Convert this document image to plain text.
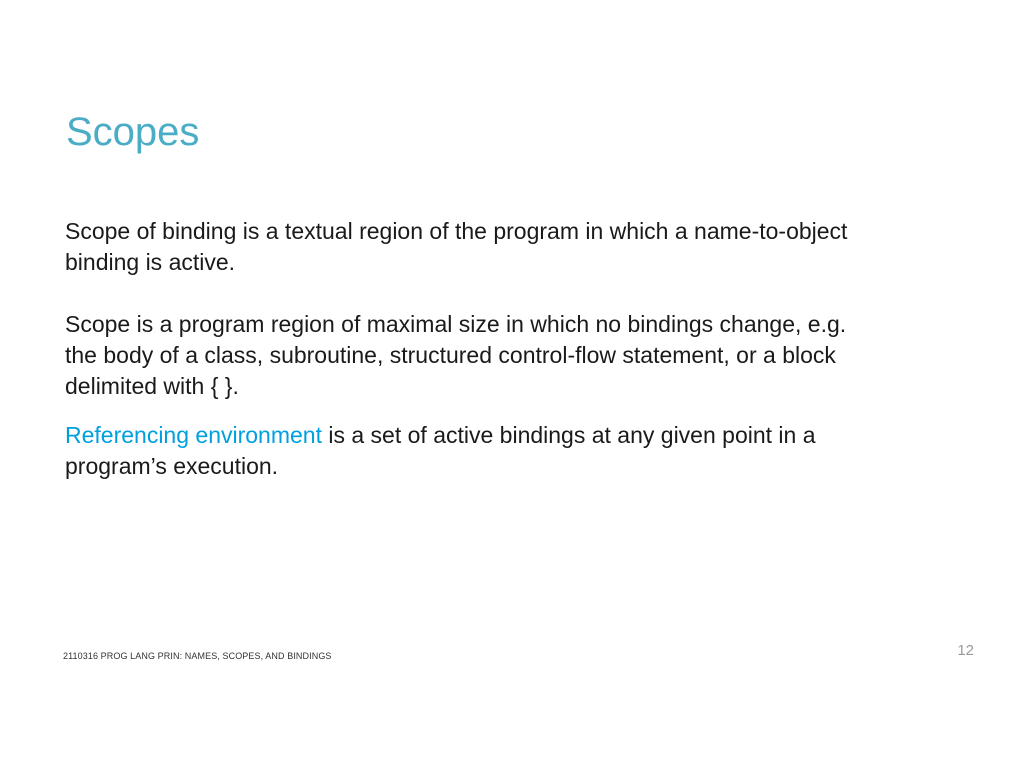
Scopes

Scope of binding is a textual region of the program in which a name-to-object
binding is active.

Scope is a program region of maximal size in which no bindings change, e.g.
the body of a class, subroutine, structured control-flow statement, or a block
delimited with { }.

Referencing environment is a set of active bindings at any given point in a
program’s execution.

2110316 PROG LANG PRIN: NAMES, SCOPES, AND BINDINGS	12
